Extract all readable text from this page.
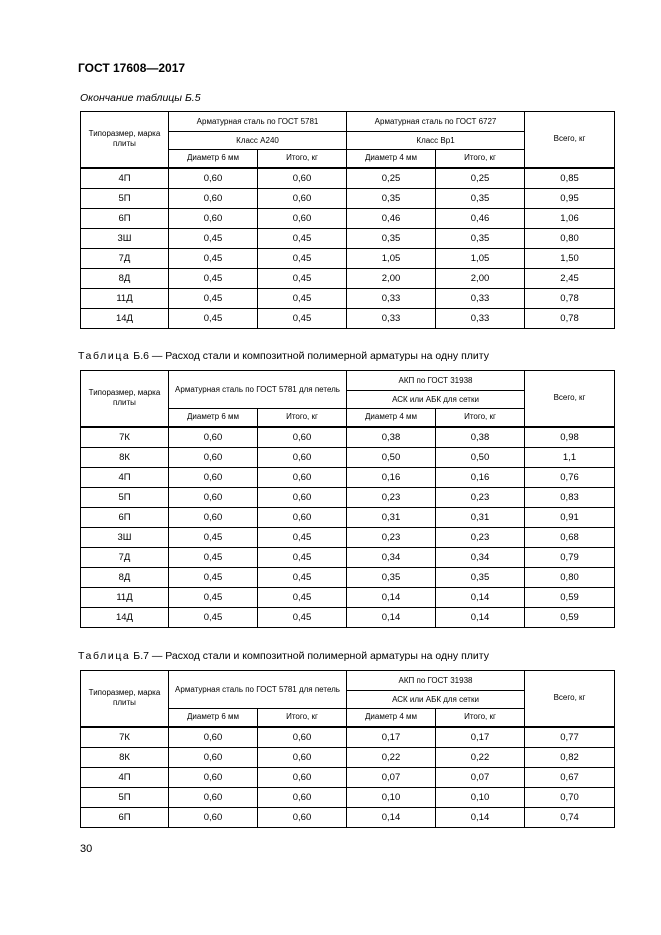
ГОСТ 17608—2017
Окончание таблицы Б.5
Типоразмер, марка плиты	Арматурная сталь по ГОСТ 5781		Арматурная сталь по ГОСТ 6727		Всего, кг
	Класс А240		Класс Вр1		
	Диаметр 6 мм	Итого, кг	Диаметр 4 мм	Итого, кг	
4П	0,60	0,60	0,25	0,25	0,85
5П	0,60	0,60	0,35	0,35	0,95
6П	0,60	0,60	0,46	0,46	1,06
3Ш	0,45	0,45	0,35	0,35	0,80
7Д	0,45	0,45	1,05	1,05	1,50
8Д	0,45	0,45	2,00	2,00	2,45
11Д	0,45	0,45	0,33	0,33	0,78
14Д	0,45	0,45	0,33	0,33	0,78
Таблица Б.6 — Расход стали и композитной полимерной арматуры на одну плиту
Типоразмер, марка плиты	Арматурная сталь по ГОСТ 5781 для петель		АКП по ГОСТ 31938		Всего, кг
			АСК или АБК для сетки		
	Диаметр 6 мм	Итого, кг	Диаметр 4 мм	Итого, кг	
7К	0,60	0,60	0,38	0,38	0,98
8К	0,60	0,60	0,50	0,50	1,1
4П	0,60	0,60	0,16	0,16	0,76
5П	0,60	0,60	0,23	0,23	0,83
6П	0,60	0,60	0,31	0,31	0,91
3Ш	0,45	0,45	0,23	0,23	0,68
7Д	0,45	0,45	0,34	0,34	0,79
8Д	0,45	0,45	0,35	0,35	0,80
11Д	0,45	0,45	0,14	0,14	0,59
14Д	0,45	0,45	0,14	0,14	0,59
Таблица Б.7 — Расход стали и композитной полимерной арматуры на одну плиту
Типоразмер, марка плиты	Арматурная сталь по ГОСТ 5781 для петель		АКП по ГОСТ 31938		Всего, кг
			АСК или АБК для сетки		
	Диаметр 6 мм	Итого, кг	Диаметр 4 мм	Итого, кг	
7К	0,60	0,60	0,17	0,17	0,77
8К	0,60	0,60	0,22	0,22	0,82
4П	0,60	0,60	0,07	0,07	0,67
5П	0,60	0,60	0,10	0,10	0,70
6П	0,60	0,60	0,14	0,14	0,74
30
